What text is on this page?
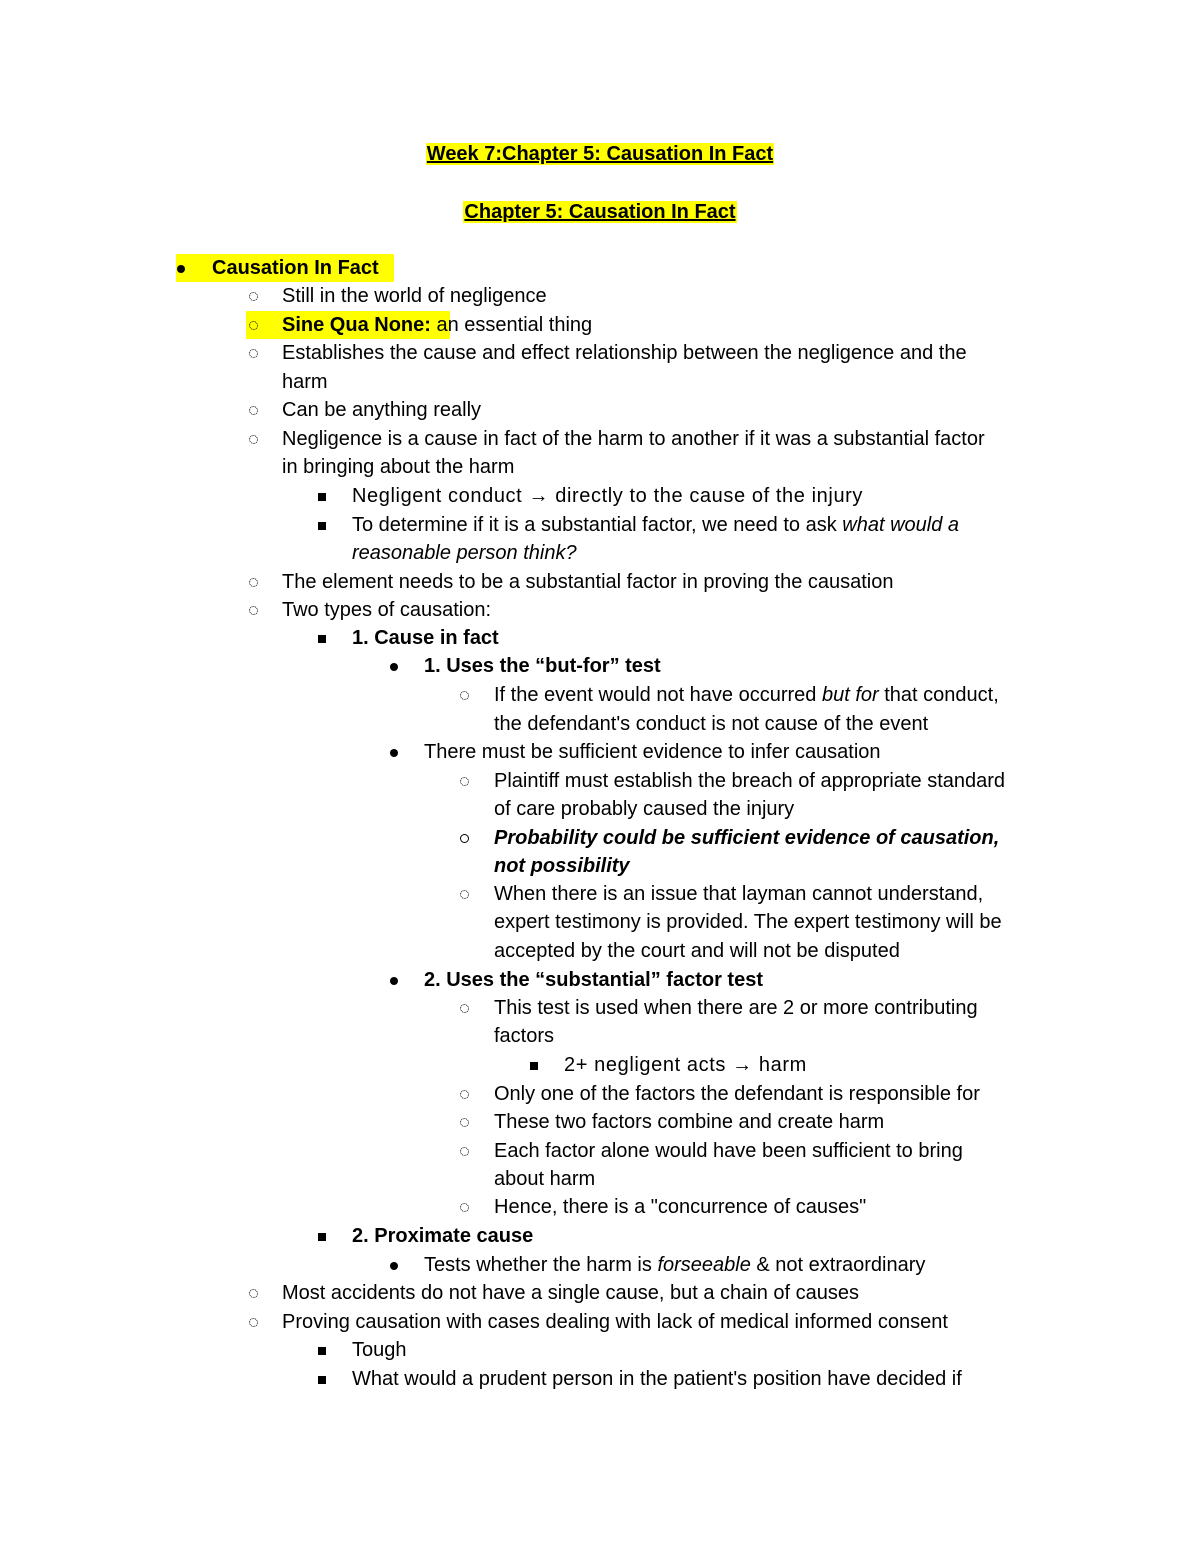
Week 7:Chapter 5: Causation In Fact
Chapter 5: Causation In Fact
Causation In Fact
Still in the world of negligence
Sine Qua None: an essential thing
Establishes the cause and effect relationship between the negligence and the
harm
Can be anything really
Negligence is a cause in fact of the harm to another if it was a substantial factor
in bringing about the harm
Negligent conduct → directly to the cause of the injury
To determine if it is a substantial factor, we need to ask what would a
reasonable person think?
The element needs to be a substantial factor in proving the causation
Two types of causation:
1. Cause in fact
1. Uses the “but-for” test
If the event would not have occurred but for that conduct,
the defendant's conduct is not cause of the event
There must be sufficient evidence to infer causation
Plaintiff must establish the breach of appropriate standard
of care probably caused the injury
Probability could be sufficient evidence of causation,
not possibility
When there is an issue that layman cannot understand,
expert testimony is provided. The expert testimony will be
accepted by the court and will not be disputed
2. Uses the “substantial” factor test
This test is used when there are 2 or more contributing
factors
2+ negligent acts → harm
Only one of the factors the defendant is responsible for
These two factors combine and create harm
Each factor alone would have been sufficient to bring
about harm
Hence, there is a "concurrence of causes"
2. Proximate cause
Tests whether the harm is forseeable & not extraordinary
Most accidents do not have a single cause, but a chain of causes
Proving causation with cases dealing with lack of medical informed consent
Tough
What would a prudent person in the patient's position have decided if
